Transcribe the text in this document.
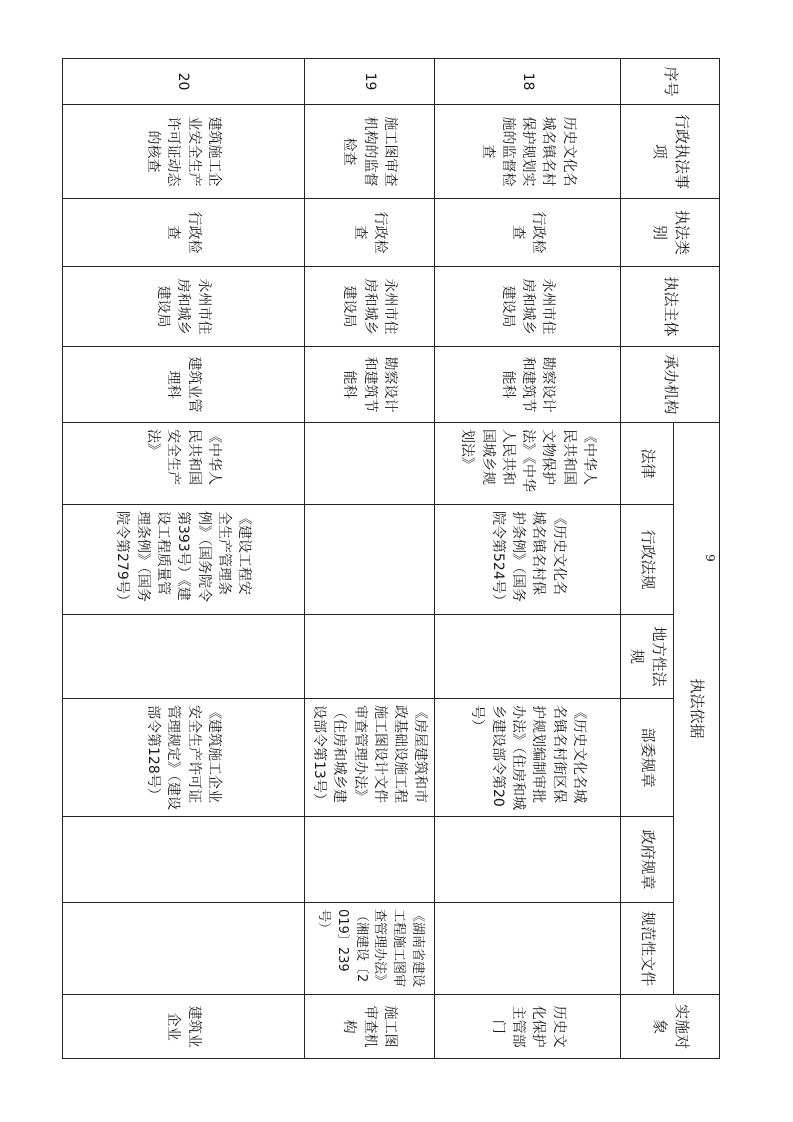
序号	行政执法事项	执法类别	执法主体	承办机构	执法依据						实施对象
					法律	行政法规	地方性法规	部委规章	政府规章	规范性文件	
18	历史文化名城名镇名村保护规划实施的监督检查	行政检查	永州市住房和城乡建设局	勘察设计和建筑节能科	《中华人民共和国文物保护法》《中华人民共和国城乡规划法》	《历史文化名城名镇名村保护条例》（国务院令第524号）		《历史文化名城名镇名村街区保护规划编制审批办法》（住房和城乡建设部令第20号）			历史文化保护主管部门
19	施工图审查机构的监督检查	行政检查	永州市住房和城乡建设局	勘察设计和建筑节能科				《房屋建筑和市政基础设施工程施工图设计文件审查管理办法》（住房和城乡建设部令第13号）		《湖南省建设工程施工图审查管理办法》（湘建设〔2019〕239号）	施工图审查机构
20	建筑施工企业安全生产许可证动态的核查	行政检查	永州市住房和城乡建设局	建筑业管理科	《中华人民共和国安全生产法》	《建设工程安全生产管理条例》（国务院令第393号）《建设工程质量管理条例》（国务院令第279号）		《建筑施工企业安全生产许可证管理规定》（建设部令第128号）			建筑业企业
9
